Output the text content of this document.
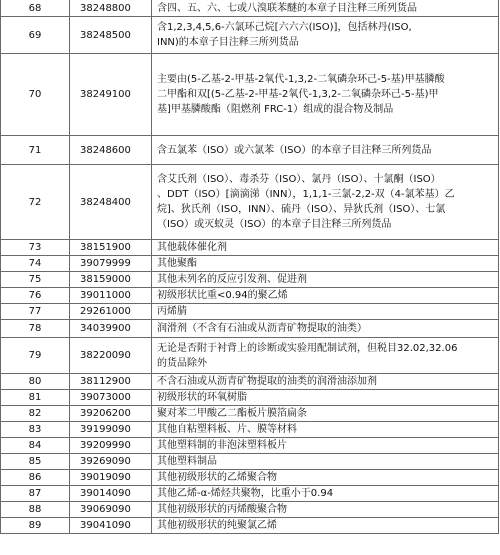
68	38248800	含四、五、六、七或八溴联苯醚的本章子目注释三所列货品
69	38248500	含1,2,3,4,5,6-六氯环己烷[六六六(ISO)]，包括林丹(ISO,
INN)的本章子目注释三所列货品
70	38249100	主要由(5-乙基-2-甲基-2氧代-1,3,2-二氧磷杂环己-5-基)甲基膦酸
二甲酯和双[(5-乙基-2-甲基-2氧代-1,3,2-二氧磷杂环己-5-基)甲
基]甲基膦酸酯（阻燃剂 FRC-1）组成的混合物及制品
71	38248600	含五氯苯（ISO）或六氯苯（ISO）的本章子目注释三所列货品
72	38248400	含艾氏剂（ISO）、毒杀芬（ISO）、氯丹（ISO）、十氯酮（ISO）
、DDT（ISO）[滴滴涕（INN），1,1,1-三氯-2,2-双（4-氯苯基）乙
烷]、狄氏剂（ISO，INN）、硫丹（ISO）、异狄氏剂（ISO）、七氯
（ISO）或灭蚁灵（ISO）的本章子目注释三所列货品
73	38151900	其他载体催化剂
74	39079999	其他聚酯
75	38159000	其他未列名的反应引发剂、促进剂
76	39011000	初级形状比重<0.94的聚乙烯
77	29261000	丙烯腈
78	34039900	润滑剂（不含有石油或从沥青矿物提取的油类）
79	38220090	无论是否附于衬背上的诊断或实验用配制试剂，但税目32.02,32.06
的货品除外
80	38112900	不含石油或从沥青矿物提取的油类的润滑油添加剂
81	39073000	初级形状的环氧树脂
82	39206200	聚对苯二甲酸乙二酯板片膜箔扁条
83	39199090	其他自粘塑料板、片、膜等材料
84	39209990	其他塑料制的非泡沫塑料板片
85	39269090	其他塑料制品
86	39019090	其他初级形状的乙烯聚合物
87	39014090	其他乙烯-α-烯烃共聚物，比重小于0.94
88	39069090	其他初级形状的丙烯酸聚合物
89	39041090	其他初级形状的纯聚氯乙烯
